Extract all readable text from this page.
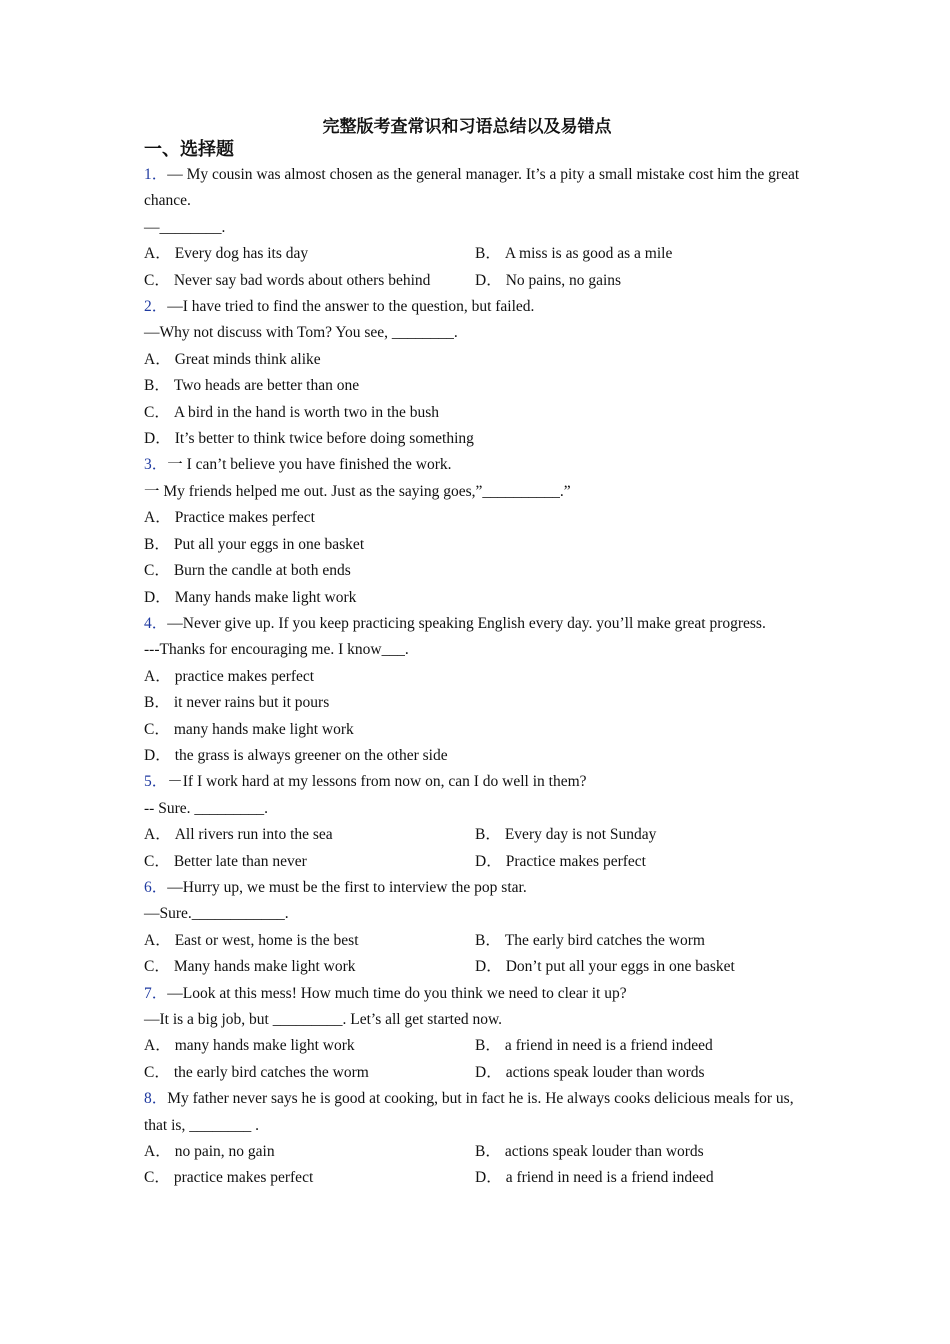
完整版考查常识和习语总结以及易错点
一、选择题
1．— My cousin was almost chosen as the general manager. It’s a pity a small mistake cost him the great chance.
—________.
A． Every dog has its day	B． A miss is as good as a mile
C． Never say bad words about others behind	D． No pains, no gains
2．—I have tried to find the answer to the question, but failed.
—Why not discuss with Tom? You see, ________.
A． Great minds think alike
B． Two heads are better than one
C． A bird in the hand is worth two in the bush
D． It’s better to think twice before doing something
3．一 I can’t believe you have finished the work.
一 My friends helped me out. Just as the saying goes,”__________.”
A． Practice makes perfect
B． Put all your eggs in one basket
C． Burn the candle at both ends
D． Many hands make light work
4．—Never give up. If you keep practicing speaking English every day. you’ll make great progress.
---Thanks for encouraging me. I know___.
A． practice makes perfect
B． it never rains but it pours
C． many hands make light work
D． the grass is always greener on the other side
5．－If I work hard at my lessons from now on, can I do well in them?
-- Sure. _________.
A． All rivers run into the sea	B． Every day is not Sunday
C． Better late than never	D． Practice makes perfect
6．—Hurry up, we must be the first to interview the pop star.
—Sure.____________.
A． East or west, home is the best	B． The early bird catches the worm
C． Many hands make light work	D． Don’t put all your eggs in one basket
7．—Look at this mess! How much time do you think we need to clear it up?
—It is a big job, but _________. Let’s all get started now.
A． many hands make light work	B． a friend in need is a friend indeed
C． the early bird catches the worm	D． actions speak louder than words
8．My father never says he is good at cooking, but in fact he is. He always cooks delicious meals for us, that is, ________ .
A． no pain, no gain	B． actions speak louder than words
C． practice makes perfect	D． a friend in need is a friend indeed
